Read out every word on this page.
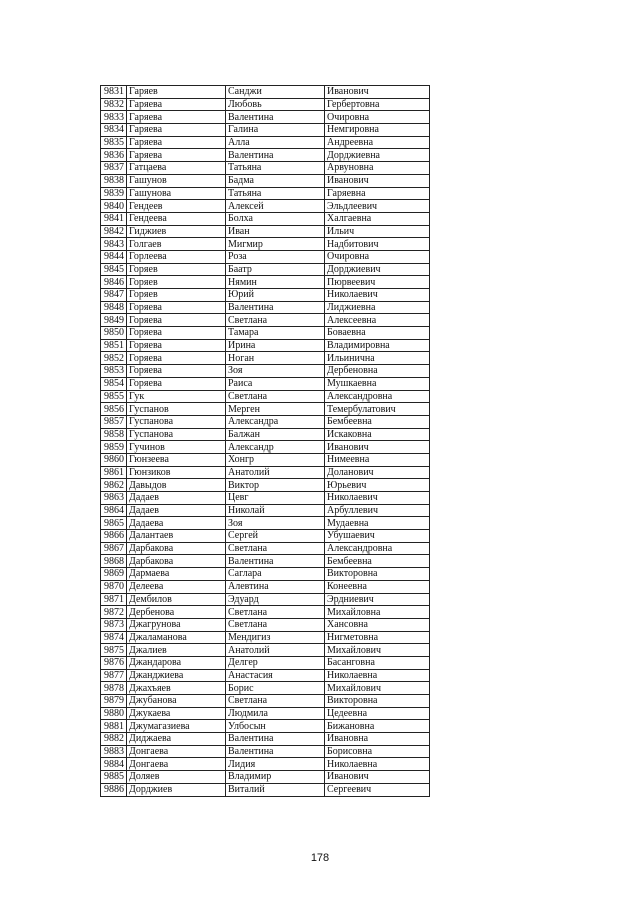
9831	Гаряев	Санджи	Иванович
9832	Гаряева	Любовь	Гербертовна
9833	Гаряева	Валентина	Очировна
9834	Гаряева	Галина	Немгировна
9835	Гаряева	Алла	Андреевна
9836	Гаряева	Валентина	Дорджиевна
9837	Гатцаева	Татьяна	Арвуновна
9838	Гашунов	Бадма	Иванович
9839	Гашунова	Татьяна	Гаряевна
9840	Гендеев	Алексей	Эльдлеевич
9841	Гендеева	Болха	Халгаевна
9842	Гиджиев	Иван	Ильич
9843	Голгаев	Мигмир	Надбитович
9844	Горлеева	Роза	Очировна
9845	Горяев	Баатр	Дорджиевич
9846	Горяев	Нямин	Пюрвеевич
9847	Горяев	Юрий	Николаевич
9848	Горяева	Валентина	Лиджиевна
9849	Горяева	Светлана	Алексеевна
9850	Горяева	Тамара	Боваевна
9851	Горяева	Ирина	Владимировна
9852	Горяева	Ноган	Ильинична
9853	Горяева	Зоя	Дербеновна
9854	Горяева	Раиса	Мушкаевна
9855	Гук	Светлана	Александровна
9856	Гуспанов	Мерген	Темербулатович
9857	Гуспанова	Александра	Бембеевна
9858	Гуспанова	Балжан	Искаковна
9859	Гучинов	Александр	Иванович
9860	Гюнзеева	Хонгр	Нимеевна
9861	Гюнзиков	Анатолий	Доланович
9862	Давыдов	Виктор	Юрьевич
9863	Дадаев	Цевг	Николаевич
9864	Дадаев	Николай	Арбуллевич
9865	Дадаева	Зоя	Мудаевна
9866	Далантаев	Сергей	Убушаевич
9867	Дарбакова	Светлана	Александровна
9868	Дарбакова	Валентина	Бембеевна
9869	Дармаева	Саглара	Викторовна
9870	Делеева	Алевтина	Конеевна
9871	Дембилов	Эдуард	Эрдниевич
9872	Дербенова	Светлана	Михайловна
9873	Джагрунова	Светлана	Хансовна
9874	Джаламанова	Мендигиз	Нигметовна
9875	Джалиев	Анатолий	Михайлович
9876	Джандарова	Делгер	Басанговна
9877	Джанджиева	Анастасия	Николаевна
9878	Джахъяев	Борис	Михайлович
9879	Джубанова	Светлана	Викторовна
9880	Джукаева	Людмила	Цедеевна
9881	Джумагазиева	Улбосын	Бижановна
9882	Диджаева	Валентина	Ивановна
9883	Донгаева	Валентина	Борисовна
9884	Донгаева	Лидия	Николаевна
9885	Доляев	Владимир	Иванович
9886	Дорджиев	Виталий	Сергеевич
178
